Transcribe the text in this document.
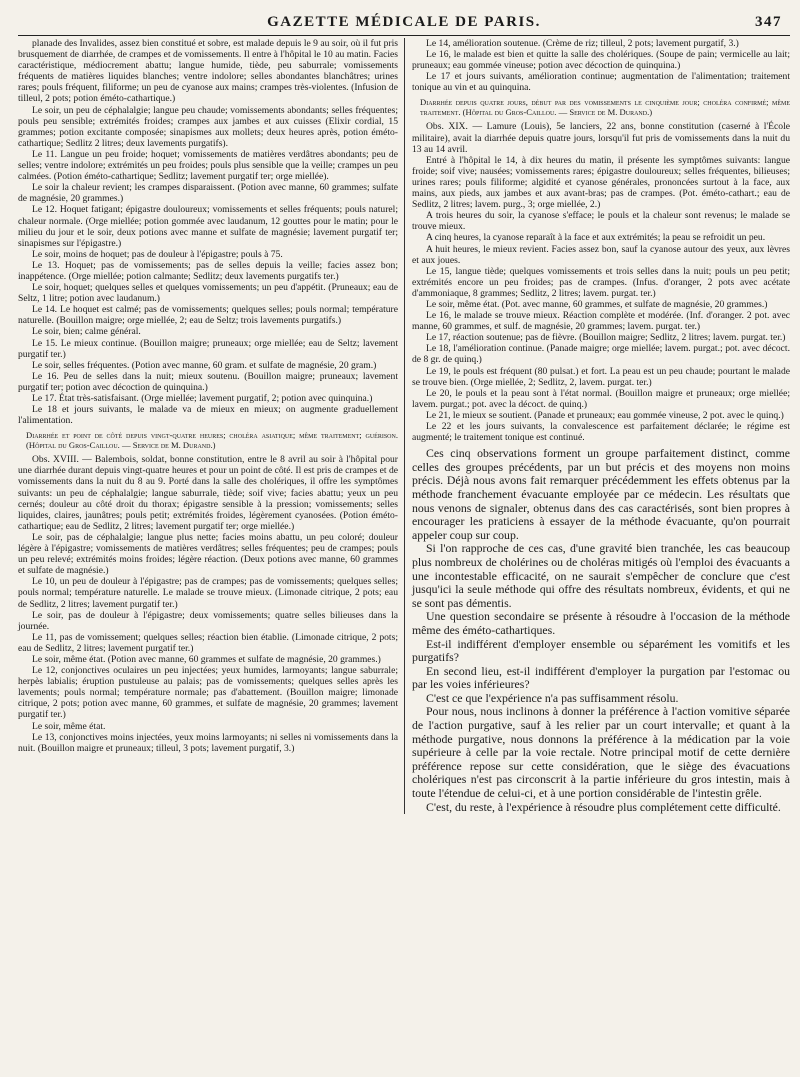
GAZETTE MÉDICALE DE PARIS.	347

planade des Invalides, assez bien constitué et sobre, est malade depuis le 9 au soir, où il fut pris brusquement de diarrhée, de crampes et de vomissements. Il entre à l'hôpital le 10 au matin. Facies caractéristique, médiocrement abattu; langue humide, tiède, peu saburrale; vomissements fréquents de matières liquides blanches; ventre indolore; selles abondantes blanchâtres; urines rares; pouls fréquent, filiforme; un peu de cyanose aux mains; crampes très-violentes. (Infusion de tilleul, 2 pots; potion éméto-cathartique.)

Le soir, un peu de céphalalgie; langue peu chaude; vomissements abondants; selles fréquentes; pouls peu sensible; extrémités froides; crampes aux jambes et aux cuisses (Elixir cordial, 15 grammes; potion excitante composée; sinapismes aux mollets; deux heures après, potion éméto-cathartique; Sedlitz 2 litres; deux lavements purgatifs).

Le 11. Langue un peu froide; hoquet; vomissements de matières verdâtres abondants; peu de selles; ventre indolore; extrémités un peu froides; pouls plus sensible que la veille; crampes un peu calmées. (Potion éméto-cathartique; Sedlitz; lavement purgatif ter; orge miellée).

Le soir la chaleur revient; les crampes disparaissent. (Potion avec manne, 60 grammes; sulfate de magnésie, 20 grammes.)

Le 12. Hoquet fatigant; épigastre douloureux; vomissements et selles fréquents; pouls naturel; chaleur normale. (Orge miellée; potion gommée avec laudanum, 12 gouttes pour le matin; pour le milieu du jour et le soir, deux potions avec manne et sulfate de magnésie; lavement purgatif ter; sinapismes sur l'épigastre.)

Le soir, moins de hoquet; pas de douleur à l'épigastre; pouls à 75.

Le 13. Hoquet; pas de vomissements; pas de selles depuis la veille; facies assez bon; inappétence. (Orge miellée; potion calmante; Sedlitz; deux lavements purgatifs ter.)

Le soir, hoquet; quelques selles et quelques vomissements; un peu d'appétit. (Pruneaux; eau de Seltz, 1 litre; potion avec laudanum.)

Le 14. Le hoquet est calmé; pas de vomissements; quelques selles; pouls normal; température naturelle. (Bouillon maigre; orge miellée, 2; eau de Seltz; trois lavements purgatifs.)

Le soir, bien; calme général.

Le 15. Le mieux continue. (Bouillon maigre; pruneaux; orge miellée; eau de Seltz; lavement purgatif ter.)

Le soir, selles fréquentes. (Potion avec manne, 60 gram. et sulfate de magnésie, 20 gram.)

Le 16. Peu de selles dans la nuit; mieux soutenu. (Bouillon maigre; pruneaux; lavement purgatif ter; potion avec décoction de quinquina.)

Le 17. État très-satisfaisant. (Orge miellée; lavement purgatif, 2; potion avec quinquina.)

Le 18 et jours suivants, le malade va de mieux en mieux; on augmente graduellement l'alimentation.

Diarrhée et point de côté depuis vingt-quatre heures; choléra asiatique; même traitement; guérison. (Hôpital du Gros-Caillou. — Service de M. Durand.)

Obs. XVIII. — Balembois, soldat, bonne constitution, entre le 8 avril au soir à l'hôpital pour une diarrhée durant depuis vingt-quatre heures et pour un point de côté. Il est pris de crampes et de vomissements dans la nuit du 8 au 9. Porté dans la salle des cholériques, il offre les symptômes suivants: un peu de céphalalgie; langue saburrale, tiède; soif vive; facies abattu; yeux un peu cernés; douleur au côté droit du thorax; épigastre sensible à la pression; vomissements; selles liquides, claires, jaunâtres; pouls petit; extrémités froides, légèrement cyanosées. (Potion éméto-cathartique; eau de Sedlitz, 2 litres; lavement purgatif ter; orge miellée.)

Le soir, pas de céphalalgie; langue plus nette; facies moins abattu, un peu coloré; douleur légère à l'épigastre; vomissements de matières verdâtres; selles fréquentes; peu de crampes; pouls un peu relevé; extrémités moins froides; légère réaction. (Deux potions avec manne, 60 grammes et sulfate de magnésie.)

Le 10, un peu de douleur à l'épigastre; pas de crampes; pas de vomissements; quelques selles; pouls normal; température naturelle. Le malade se trouve mieux. (Limonade citrique, 2 pots; eau de Sedlitz, 2 litres; lavement purgatif ter.)

Le soir, pas de douleur à l'épigastre; deux vomissements; quatre selles bilieuses dans la journée.

Le 11, pas de vomissement; quelques selles; réaction bien établie. (Limonade citrique, 2 pots; eau de Sedlitz, 2 litres; lavement purgatif ter.)

Le soir, même état. (Potion avec manne, 60 grammes et sulfate de magnésie, 20 grammes.)

Le 12, conjonctives oculaires un peu injectées; yeux humides, larmoyants; langue saburrale; herpès labialis; éruption pustuleuse au palais; pas de vomissements; quelques selles après les lavements; pouls normal; température normale; pas d'abattement. (Bouillon maigre; limonade citrique, 2 pots; potion avec manne, 60 grammes, et sulfate de magnésie, 20 grammes; lavement purgatif ter.)

Le soir, même état.

Le 13, conjonctives moins injectées, yeux moins larmoyants; ni selles ni vomissements dans la nuit. (Bouillon maigre et pruneaux; tilleul, 3 pots; lavement purgatif, 3.)

Le 14, amélioration soutenue. (Crème de riz; tilleul, 2 pots; lavement purgatif, 3.)

Le 16, le malade est bien et quitte la salle des cholériques. (Soupe de pain; vermicelle au lait; pruneaux; eau gommée vineuse; potion avec décoction de quinquina.)

Le 17 et jours suivants, amélioration continue; augmentation de l'alimentation; traitement tonique au vin et au quinquina.

Diarrhée depuis quatre jours, début par des vomissements le cinquième jour; choléra confirmé; même traitement. (Hôpital du Gros-Caillou. — Service de M. Durand.)

Obs. XIX. — Lamure (Louis), 5e lanciers, 22 ans, bonne constitution (caserné à l'École militaire), avait la diarrhée depuis quatre jours, lorsqu'il fut pris de vomissements dans la nuit du 13 au 14 avril.

Entré à l'hôpital le 14, à dix heures du matin, il présente les symptômes suivants: langue froide; soif vive; nausées; vomissements rares; épigastre douloureux; selles fréquentes, bilieuses; urines rares; pouls filiforme; algidité et cyanose générales, prononcées surtout à la face, aux mains, aux pieds, aux jambes et aux avant-bras; pas de crampes. (Pot. éméto-cathart.; eau de Sedlitz, 2 litres; lavem. purg., 3; orge miellée, 2.)

A trois heures du soir, la cyanose s'efface; le pouls et la chaleur sont revenus; le malade se trouve mieux.

A cinq heures, la cyanose reparaît à la face et aux extrémités; la peau se refroidit un peu.

A huit heures, le mieux revient. Facies assez bon, sauf la cyanose autour des yeux, aux lèvres et aux joues.

Le 15, langue tiède; quelques vomissements et trois selles dans la nuit; pouls un peu petit; extrémités encore un peu froides; pas de crampes. (Infus. d'oranger, 2 pots avec acétate d'ammoniaque, 8 grammes; Sedlitz, 2 litres; lavem. purgat. ter.)

Le soir, même état. (Pot. avec manne, 60 grammes, et sulfate de magnésie, 20 grammes.)

Le 16, le malade se trouve mieux. Réaction complète et modérée. (Inf. d'oranger. 2 pot. avec manne, 60 grammes, et sulf. de magnésie, 20 grammes; lavem. purgat. ter.)

Le 17, réaction soutenue; pas de fièvre. (Bouillon maigre; Sedlitz, 2 litres; lavem. purgat. ter.)

Le 18, l'amélioration continue. (Panade maigre; orge miellée; lavem. purgat.; pot. avec décoct. de 8 gr. de quinq.)

Le 19, le pouls est fréquent (80 pulsat.) et fort. La peau est un peu chaude; pourtant le malade se trouve bien. (Orge miellée, 2; Sedlitz, 2, lavem. purgat. ter.)

Le 20, le pouls et la peau sont à l'état normal. (Bouillon maigre et pruneaux; orge miellée; lavem. purgat.; pot. avec la décoct. de quinq.)

Le 21, le mieux se soutient. (Panade et pruneaux; eau gommée vineuse, 2 pot. avec le quinq.)

Le 22 et les jours suivants, la convalescence est parfaitement déclarée; le régime est augmenté; le traitement tonique est continué.

Ces cinq observations forment un groupe parfaitement distinct, comme celles des groupes précédents, par un but précis et des moyens non moins précis. Déjà nous avons fait remarquer précédemment les effets obtenus par la méthode franchement évacuante employée par ce médecin. Les résultats que nous venons de signaler, obtenus dans des cas caractérisés, sont bien propres à encourager les praticiens à essayer de la méthode évacuante, qu'on pourrait appeler coup sur coup.

Si l'on rapproche de ces cas, d'une gravité bien tranchée, les cas beaucoup plus nombreux de cholérines ou de choléras mitigés où l'emploi des évacuants a une incontestable efficacité, on ne saurait s'empêcher de conclure que c'est jusqu'ici la seule méthode qui offre des résultats nombreux, évidents, et qui ne se sont pas démentis.

Une question secondaire se présente à résoudre à l'occasion de la méthode même des éméto-cathartiques.

Est-il indifférent d'employer ensemble ou séparément les vomitifs et les purgatifs?

En second lieu, est-il indifférent d'employer la purgation par l'estomac ou par les voies inférieures?

C'est ce que l'expérience n'a pas suffisamment résolu.

Pour nous, nous inclinons à donner la préférence à l'action vomitive séparée de l'action purgative, sauf à les relier par un court intervalle; et quant à la méthode purgative, nous donnons la préférence à la médication par la voie supérieure à celle par la voie rectale. Notre principal motif de cette dernière préférence repose sur cette considération, que le siège des évacuations cholériques n'est pas circonscrit à la partie inférieure du gros intestin, mais à toute l'étendue de celui-ci, et à une portion considérable de l'intestin grêle.

C'est, du reste, à l'expérience à résoudre plus complétement cette difficulté.
